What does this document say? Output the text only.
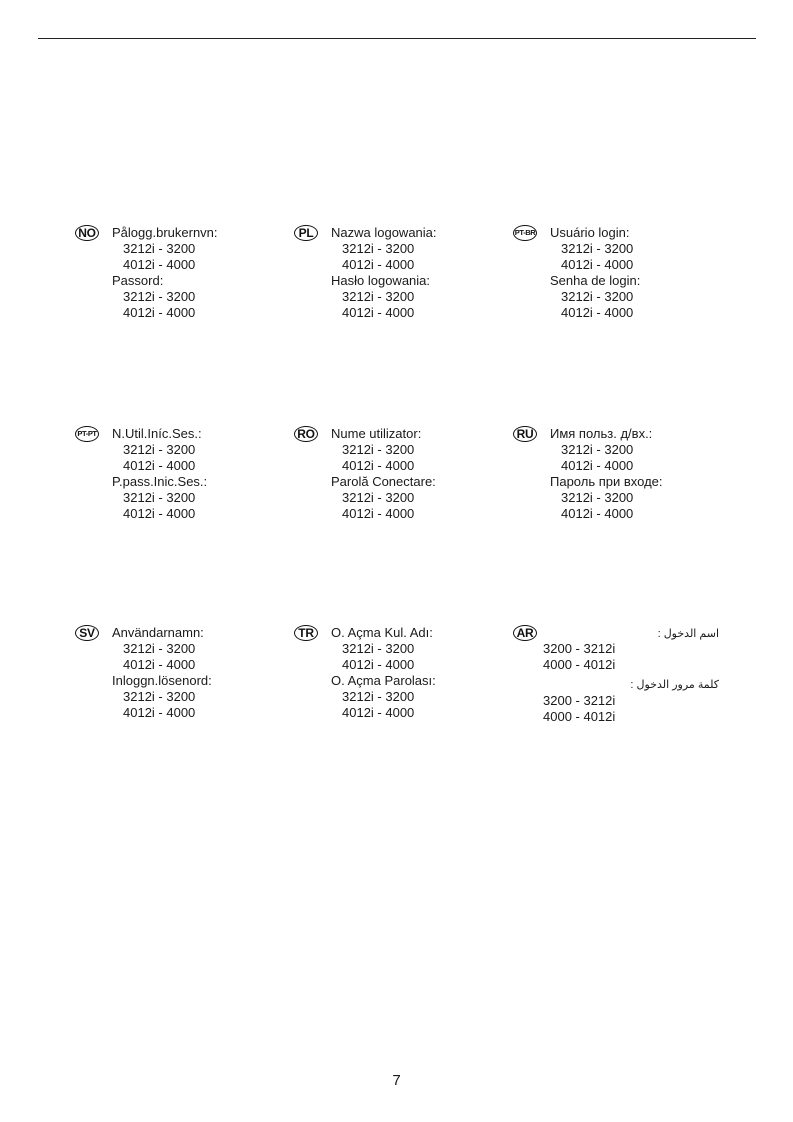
NO Pålogg.brukernvn:
3212i - 3200
4012i - 4000
Passord:
3212i - 3200
4012i - 4000
PL	Nazwa logowania:
3212i - 3200
4012i - 4000
Hasło logowania:
3212i - 3200
4012i - 4000
PT-BR Usuário login:
3212i - 3200
4012i - 4000
Senha de login:
3212i - 3200
4012i - 4000
PT-PT N.Util.Iníc.Ses.:
3212i - 3200
4012i - 4000
P.pass.Inic.Ses.:
3212i - 3200
4012i - 4000
RO Nume utilizator:
3212i - 3200
4012i - 4000
Parolă Conectare:
3212i - 3200
4012i - 4000
RU Имя польз. д/вх.:
3212i - 3200
4012i - 4000
Пароль при входе:
3212i - 3200
4012i - 4000
SV	Användarnamn:
3212i - 3200
4012i - 4000
Inloggn.lösenord:
3212i - 3200
4012i - 4000
TR	O. Açma Kul. Adı:
3212i - 3200
4012i - 4000
O. Açma Parolası:
3212i - 3200
4012i - 4000
AR	اسم الدخول :
3200 - 3212i
4000 - 4012i
كلمة مرور الدخول :
3200 - 3212i
4000 - 4012i
7
